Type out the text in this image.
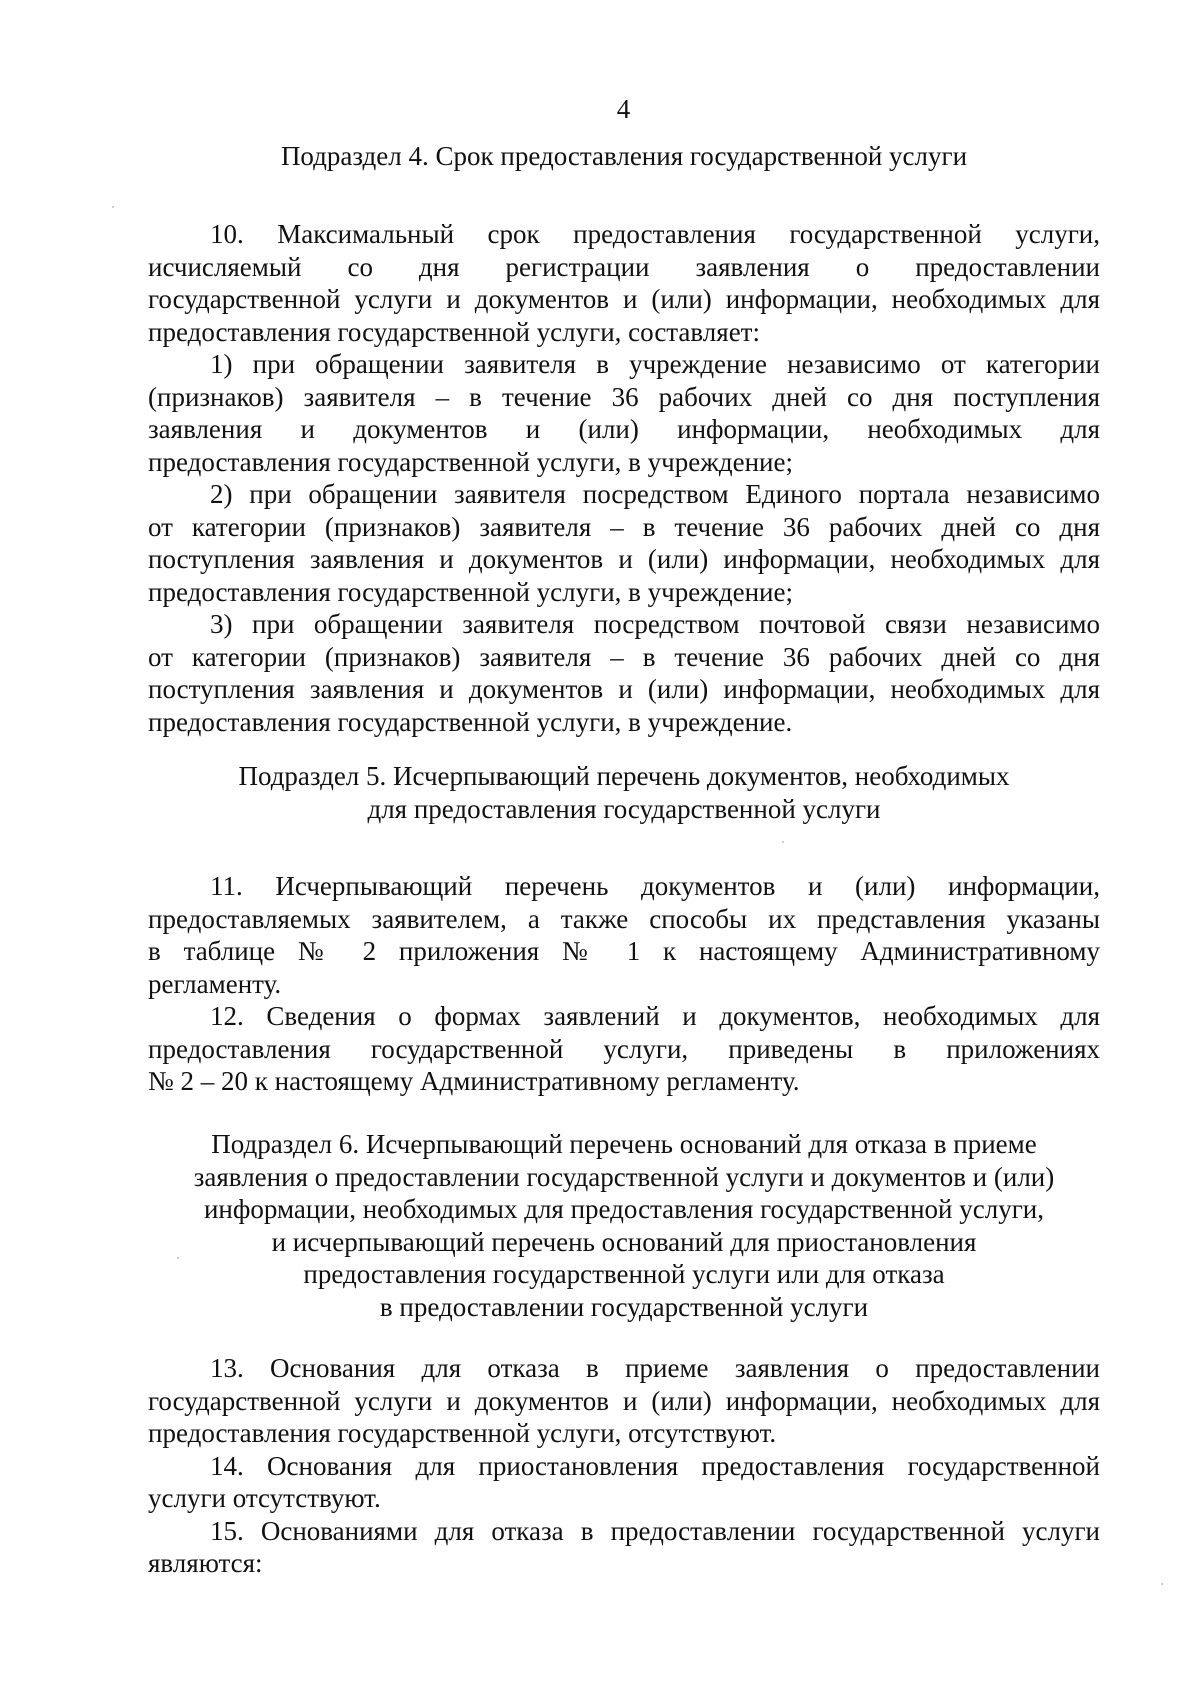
4
Подраздел 4. Срок предоставления государственной услуги

10. Максимальный срок предоставления государственной услуги,
исчисляемый со дня регистрации заявления о предоставлении
государственной услуги и документов и (или) информации, необходимых для
предоставления государственной услуги, составляет:

1) при обращении заявителя в учреждение независимо от категории
(признаков) заявителя – в течение 36 рабочих дней со дня поступления
заявления и документов и (или) информации, необходимых для
предоставления государственной услуги, в учреждение;

2) при обращении заявителя посредством Единого портала независимо
от категории (признаков) заявителя – в течение 36 рабочих дней со дня
поступления заявления и документов и (или) информации, необходимых для
предоставления государственной услуги, в учреждение;

3) при обращении заявителя посредством почтовой связи независимо
от категории (признаков) заявителя – в течение 36 рабочих дней со дня
поступления заявления и документов и (или) информации, необходимых для
предоставления государственной услуги, в учреждение.

Подраздел 5. Исчерпывающий перечень документов, необходимых
для предоставления государственной услуги

11. Исчерпывающий перечень документов и (или) информации,
предоставляемых заявителем, а также способы их представления указаны
в таблице № 2 приложения № 1 к настоящему Административному
регламенту.

12. Сведения о формах заявлений и документов, необходимых для
предоставления государственной услуги, приведены в приложениях
№ 2 – 20 к настоящему Административному регламенту.

Подраздел 6. Исчерпывающий перечень оснований для отказа в приеме
заявления о предоставлении государственной услуги и документов и (или)
информации, необходимых для предоставления государственной услуги,
и исчерпывающий перечень оснований для приостановления
предоставления государственной услуги или для отказа
в предоставлении государственной услуги

13. Основания для отказа в приеме заявления о предоставлении
государственной услуги и документов и (или) информации, необходимых для
предоставления государственной услуги, отсутствуют.

14. Основания для приостановления предоставления государственной
услуги отсутствуют.

15. Основаниями для отказа в предоставлении государственной услуги
являются:
